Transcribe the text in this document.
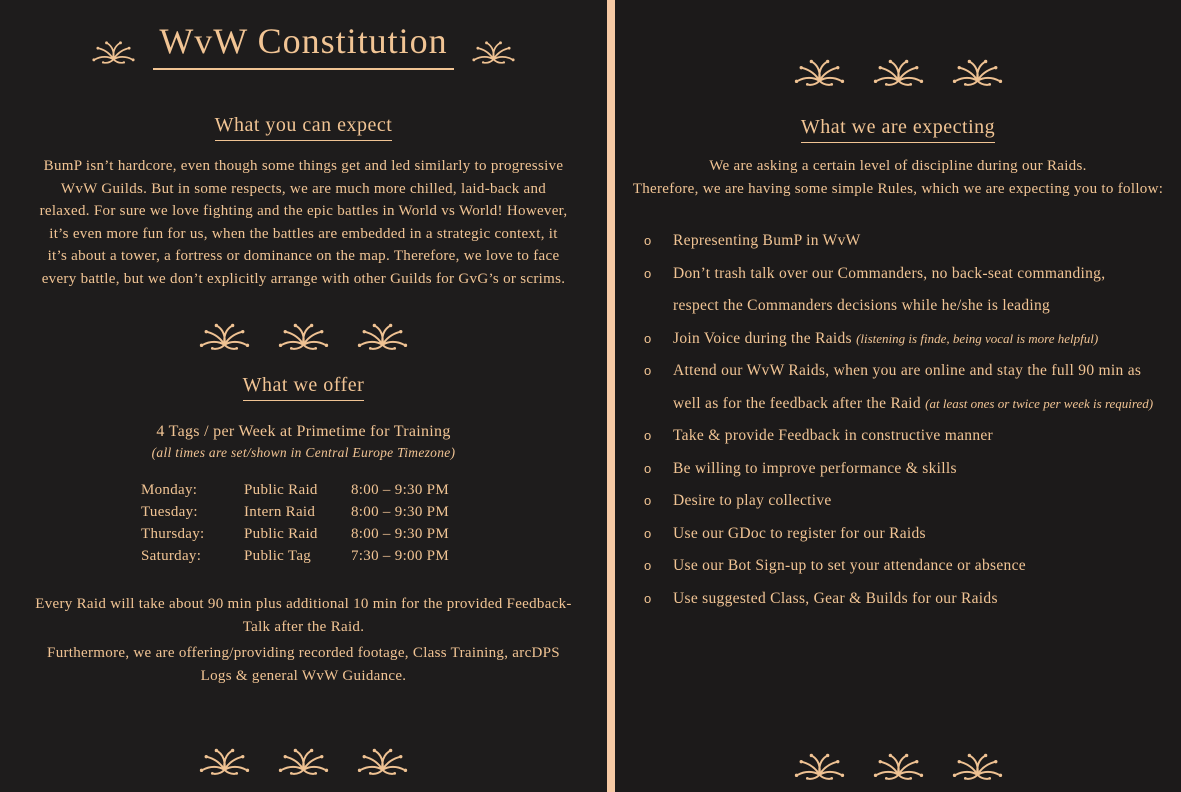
WvW Constitution
What you can expect

BumP isn’t hardcore, even though some things get and led similarly to progressive WvW Guilds. But in some respects, we are much more chilled, laid-back and relaxed. For sure we love fighting and the epic battles in World vs World! However, it’s even more fun for us, when the battles are embedded in a strategic context, it it’s about a tower, a fortress or dominance on the map. Therefore, we love to face every battle, but we don’t explicitly arrange with other Guilds for GvG’s or scrims.

What we offer
4 Tags / per Week at Primetime for Training
(all times are set/shown in Central Europe Timezone)
Monday:	Public Raid	8:00 – 9:30 PM
Tuesday:	Intern Raid	8:00 – 9:30 PM
Thursday:	Public Raid	8:00 – 9:30 PM
Saturday:	Public Tag	7:30 – 9:00 PM
Every Raid will take about 90 min plus additional 10 min for the provided Feedback-Talk after the Raid.
Furthermore, we are offering/providing recorded footage, Class Training, arcDPS Logs & general WvW Guidance.
What we are expecting
We are asking a certain level of discipline during our Raids.
Therefore, we are having some simple Rules, which we are expecting you to follow:
o Representing BumP in WvW
o Don’t trash talk over our Commanders, no back-seat commanding, respect the Commanders decisions while he/she is leading
o Join Voice during the Raids (listening is finde, being vocal is more helpful)
o Attend our WvW Raids, when you are online and stay the full 90 min as well as for the feedback after the Raid (at least ones or twice per week is required)
o Take & provide Feedback in constructive manner
o Be willing to improve performance & skills
o Desire to play collective
o Use our GDoc to register for our Raids
o Use our Bot Sign-up to set your attendance or absence
o Use suggested Class, Gear & Builds for our Raids
